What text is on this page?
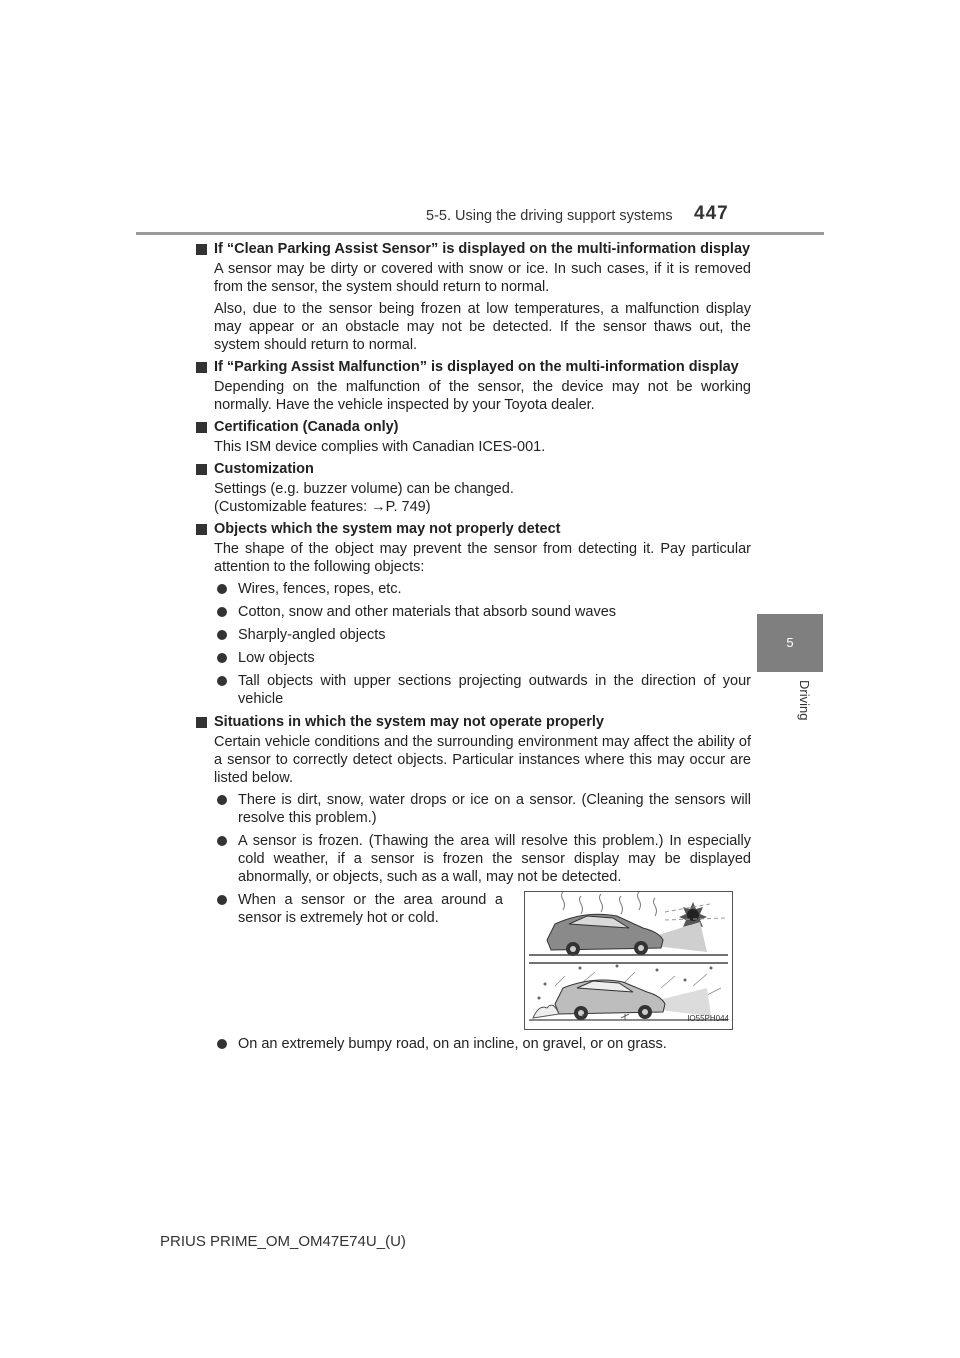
5-5. Using the driving support systems 447
5
Driving
If “Clean Parking Assist Sensor” is displayed on the multi-information display
A sensor may be dirty or covered with snow or ice. In such cases, if it is removed from the sensor, the system should return to normal.
Also, due to the sensor being frozen at low temperatures, a malfunction display may appear or an obstacle may not be detected. If the sensor thaws out, the system should return to normal.
If “Parking Assist Malfunction” is displayed on the multi-information display
Depending on the malfunction of the sensor, the device may not be working normally. Have the vehicle inspected by your Toyota dealer.
Certification (Canada only)
This ISM device complies with Canadian ICES-001.
Customization
Settings (e.g. buzzer volume) can be changed.
(Customizable features: →P. 749)
Objects which the system may not properly detect
The shape of the object may prevent the sensor from detecting it. Pay particular attention to the following objects:
Wires, fences, ropes, etc.
Cotton, snow and other materials that absorb sound waves
Sharply-angled objects
Low objects
Tall objects with upper sections projecting outwards in the direction of your vehicle
Situations in which the system may not operate properly
Certain vehicle conditions and the surrounding environment may affect the ability of a sensor to correctly detect objects. Particular instances where this may occur are listed below.
There is dirt, snow, water drops or ice on a sensor. (Cleaning the sensors will resolve this problem.)
A sensor is frozen. (Thawing the area will resolve this problem.) In especially cold weather, if a sensor is frozen the sensor display may be displayed abnormally, or objects, such as a wall, may not be detected.
When a sensor or the area around a sensor is extremely hot or cold.
IO55PH044
On an extremely bumpy road, on an incline, on gravel, or on grass.
PRIUS PRIME_OM_OM47E74U_(U)
